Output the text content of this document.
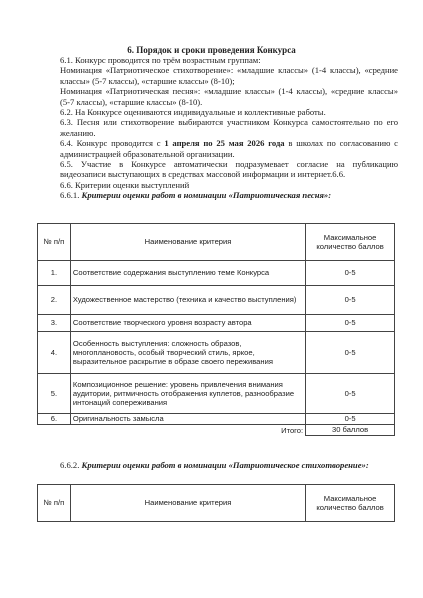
6. Порядок и сроки проведения Конкурса

6.1. Конкурс проводится по трём возрастным группам:

Номинация «Патриотическое стихотворение»: «младшие классы» (1-4 классы), «средние классы» (5-7 классы), «старшие классы» (8-10);

Номинация «Патриотическая песня»: «младшие классы» (1-4 классы), «средние классы» (5-7 классы), «старшие классы» (8-10).

6.2. На Конкурсе оцениваются индивидуальные и коллективные работы.

6.3. Песня или стихотворение выбираются участником Конкурса самостоятельно по его желанию.

6.4. Конкурс проводится с 1 апреля по 25 мая 2026 года в школах по согласованию с администрацией образовательной организации.

6.5. Участие в Конкурсе автоматически подразумевает согласие на публикацию видеозаписи выступающих в средствах массовой информации и интернет.6.6.

6.6. Критерии оценки выступлений

6.6.1. Критерии оценки работ в номинации «Патриотическая песня»:

№ п/п	Наименование критерия	Максимальное количество баллов
1.	Соответствие содержания выступлению теме Конкурса	0-5
2.	Художественное мастерство (техника и качество выступления)	0-5
3.	Соответствие творческого уровня возрасту автора	0-5
4.	Особенность выступления: сложность образов, многоплановость, особый творческий стиль, яркое, выразительное раскрытие в образе своего переживания	0-5
5.	Композиционное решение: уровень привлечения внимания аудитории, ритмичность отображения куплетов, разнообразие интонаций сопереживания	0-5
6.	Оригинальность замысла	0-5
	Итого:	30 баллов
6.6.2. Критерии оценки работ в номинации «Патриотическое стихотворение»:
№ п/п	Наименование критерия	Максимальное количество баллов
